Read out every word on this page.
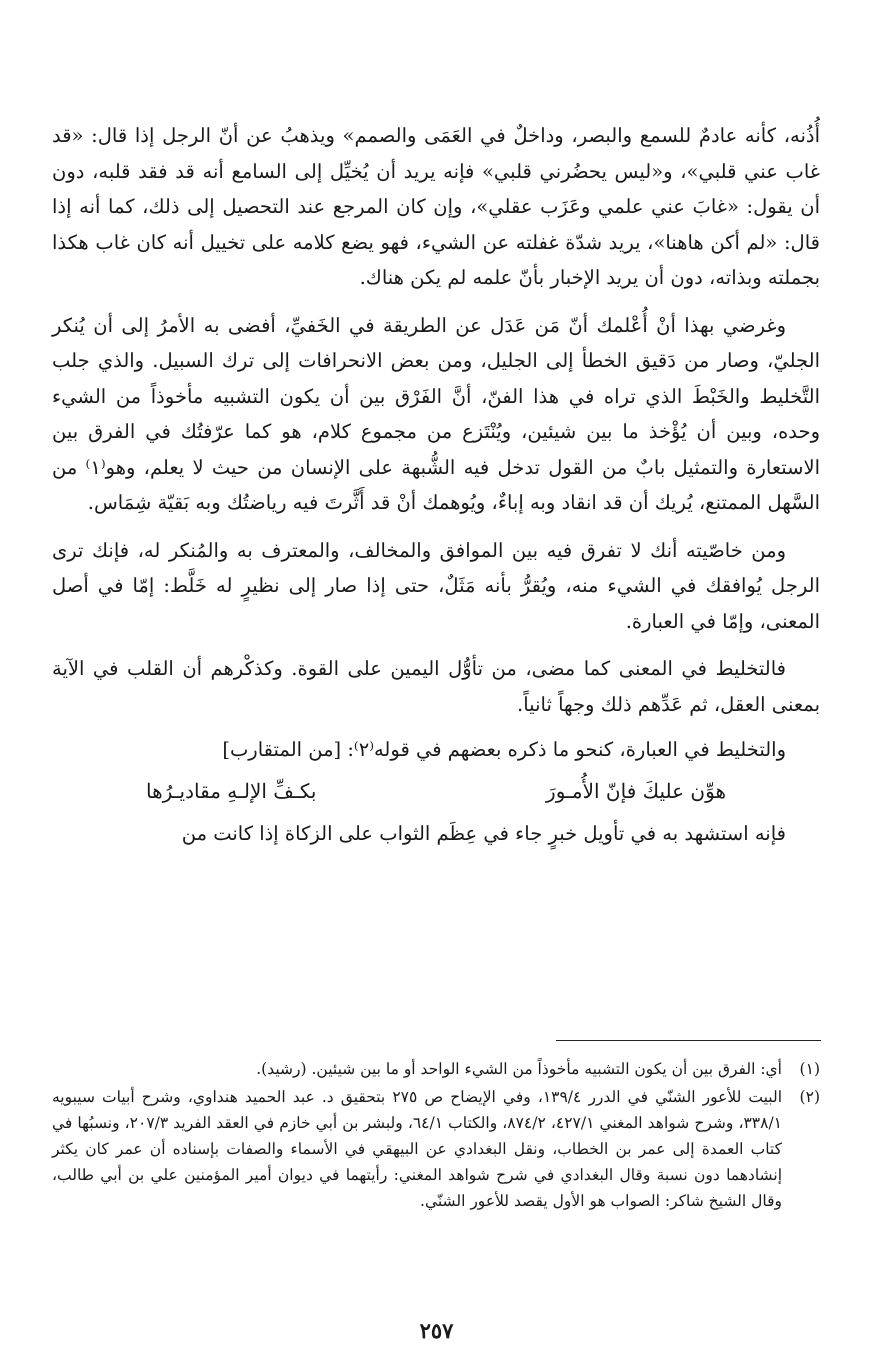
أُذُنه، كأنه عادمٌ للسمع والبصر، وداخلٌ في العَمَى والصمم» ويذهبُ عن أنّ الرجل إذا قال: «قد غاب عني قلبي»، و«ليس يحضُرني قلبي» فإنه يريد أن يُخيِّل إلى السامع أنه قد فقد قلبه، دون أن يقول: «غابَ عني علمي وعَزَب عقلي»، وإن كان المرجع عند التحصيل إلى ذلك، كما أنه إذا قال: «لم أكن هاهنا»، يريد شدّة غفلته عن الشيء، فهو يضع كلامه على تخييل أنه كان غاب هكذا بجملته وبذاته، دون أن يريد الإخبار بأنّ علمه لم يكن هناك.

وغرضي بهذا أنْ أُعْلمك أنّ مَن عَدَل عن الطريقة في الخَفيِّ، أفضى به الأمرُ إلى أن يُنكر الجليّ، وصار من دَقيق الخطأ إلى الجليل، ومن بعض الانحرافات إلى ترك السبيل. والذي جلب التَّخليط والخَبْطَ الذي تراه في هذا الفنّ، أنَّ الفَرْق بين أن يكون التشبيه مأخوذاً من الشيء وحده، وبين أن يُؤْخذ ما بين شيئين، ويُنْتَزع من مجموع كلام، هو كما عرّفتُك في الفرق بين الاستعارة والتمثيل بابٌ من القول تدخل فيه الشُّبهة على الإنسان من حيث لا يعلم، وهو⁽١⁾ من السَّهل الممتنع، يُريك أن قد انقاد وبه إباءٌ، ويُوهمك أنْ قد أَثَّرتَ فيه رياضتُك وبه بَقيّة شِمَاس.

ومن خاصّيته أنك لا تفرق فيه بين الموافق والمخالف، والمعترف به والمُنكر له، فإنك ترى الرجل يُوافقك في الشيء منه، ويُقرُّ بأنه مَثَلٌ، حتى إذا صار إلى نظيرٍ له خَلَّط: إمّا في أصل المعنى، وإمّا في العبارة.

فالتخليط في المعنى كما مضى، من تأوُّل اليمين على القوة. وكذكْرهم أن القلب في الآية بمعنى العقل، ثم عَدِّهم ذلك وجهاً ثانياً.

والتخليط في العبارة، كنحو ما ذكره بعضهم في قوله⁽٢⁾: [من المتقارب]

هوِّن عليكَ فإنّ الأُمـورَ
بكـفِّ الإلـهِ مقاديـرُها

فإنه استشهد به في تأويل خبرٍ جاء في عِظَم الثواب على الزكاة إذا كانت من

(١)
أي: الفرق بين أن يكون التشبيه مأخوذاً من الشيء الواحد أو ما بين شيئين. (رشيد).

(٢)
البيت للأعور الشنّي في الدرر ١٣٩/٤، وفي الإيضاح ص ٢٧٥ بتحقيق د. عبد الحميد هنداوي، وشرح أبيات سيبويه ٣٣٨/١، وشرح شواهد المغني ٤٢٧/١، ٨٧٤/٢، والكتاب ٦٤/١، ولبشر بن أبي خازم في العقد الفريد ٢٠٧/٣، ونسبُها في كتاب العمدة إلى عمر بن الخطاب، ونقل البغدادي عن البيهقي في الأسماء والصفات بإسناده أن عمر كان يكثر إنشادهما دون نسبة وقال البغدادي في شرح شواهد المغني: رأيتهما في ديوان أمير المؤمنين علي بن أبي طالب، وقال الشيخ شاكر: الصواب هو الأول يقصد للأعور الشنّي.

٢٥٧
